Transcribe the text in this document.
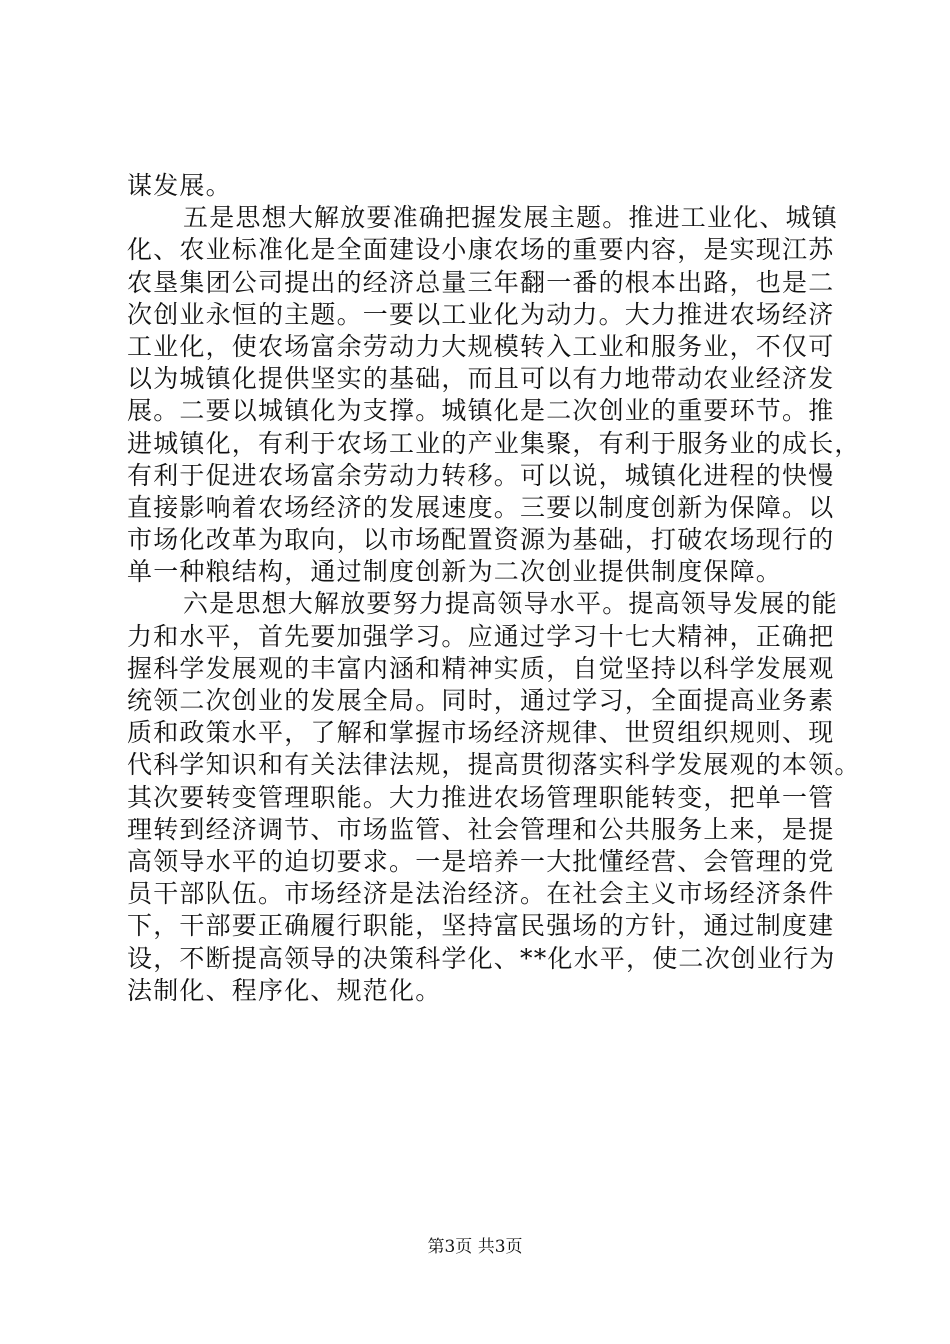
谋发展。
五是思想大解放要准确把握发展主题。推进工业化、城镇
化、农业标准化是全面建设小康农场的重要内容，是实现江苏
农垦集团公司提出的经济总量三年翻一番的根本出路，也是二
次创业永恒的主题。一要以工业化为动力。大力推进农场经济
工业化，使农场富余劳动力大规模转入工业和服务业，不仅可
以为城镇化提供坚实的基础，而且可以有力地带动农业经济发
展。二要以城镇化为支撑。城镇化是二次创业的重要环节。推
进城镇化，有利于农场工业的产业集聚，有利于服务业的成长，
有利于促进农场富余劳动力转移。可以说，城镇化进程的快慢
直接影响着农场经济的发展速度。三要以制度创新为保障。以
市场化改革为取向，以市场配置资源为基础，打破农场现行的
单一种粮结构，通过制度创新为二次创业提供制度保障。
六是思想大解放要努力提高领导水平。提高领导发展的能
力和水平，首先要加强学习。应通过学习十七大精神，正确把
握科学发展观的丰富内涵和精神实质，自觉坚持以科学发展观
统领二次创业的发展全局。同时，通过学习，全面提高业务素
质和政策水平，了解和掌握市场经济规律、世贸组织规则、现
代科学知识和有关法律法规，提高贯彻落实科学发展观的本领。
其次要转变管理职能。大力推进农场管理职能转变，把单一管
理转到经济调节、市场监管、社会管理和公共服务上来，是提
高领导水平的迫切要求。一是培养一大批懂经营、会管理的党
员干部队伍。市场经济是法治经济。在社会主义市场经济条件
下，干部要正确履行职能，坚持富民强场的方针，通过制度建
设，不断提高领导的决策科学化、**化水平，使二次创业行为
法制化、程序化、规范化。
第3页 共3页
